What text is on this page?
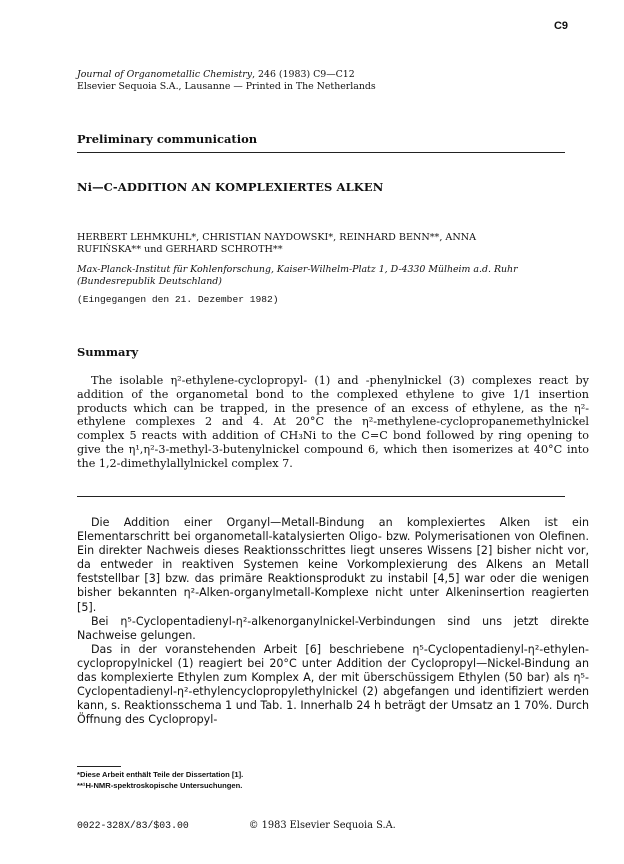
C9
Journal of Organometallic Chemistry, 246 (1983) C9—C12
Elsevier Sequoia S.A., Lausanne — Printed in The Netherlands
Preliminary communication
Ni—C-ADDITION AN KOMPLEXIERTES ALKEN
HERBERT LEHMKUHL*, CHRISTIAN NAYDOWSKI*, REINHARD BENN**, ANNA
RUFIŃSKA** und GERHARD SCHROTH**
Max-Planck-Institut für Kohlenforschung, Kaiser-Wilhelm-Platz 1, D-4330 Mülheim a.d. Ruhr
(Bundesrepublik Deutschland)
(Eingegangen den 21. Dezember 1982)
Summary
The isolable η²-ethylene-cyclopropyl- (1) and -phenylnickel (3) complexes react by addition of the organometal bond to the complexed ethylene to give 1/1 insertion products which can be trapped, in the presence of an excess of ethylene, as the η²-ethylene complexes 2 and 4. At 20°C the η²-methylene-cyclopropanemethylnickel complex 5 reacts with addition of CH₃Ni to the C=C bond followed by ring opening to give the η¹,η²-3-methyl-3-butenylnickel compound 6, which then isomerizes at 40°C into the 1,2-dimethylallylnickel complex 7.
Die Addition einer Organyl—Metall-Bindung an komplexiertes Alken ist ein Elementarschritt bei organometall-katalysierten Oligo- bzw. Polymerisationen von Olefinen. Ein direkter Nachweis dieses Reaktionsschrittes liegt unseres Wissens [2] bisher nicht vor, da entweder in reaktiven Systemen keine Vorkomplexierung des Alkens an Metall feststellbar [3] bzw. das primäre Reaktionsprodukt zu instabil [4,5] war oder die wenigen bisher bekannten η²-Alken-organylmetall-Komplexe nicht unter Alkeninsertion reagierten [5].
Bei η⁵-Cyclopentadienyl-η²-alkenorganylnickel-Verbindungen sind uns jetzt direkte Nachweise gelungen.
Das in der voranstehenden Arbeit [6] beschriebene η⁵-Cyclopentadienyl-η²-ethylen-cyclopropylnickel (1) reagiert bei 20°C unter Addition der Cyclopropyl—Nickel-Bindung an das komplexierte Ethylen zum Komplex A, der mit überschüssigem Ethylen (50 bar) als η⁵-Cyclopentadienyl-η²-ethylencyclopropylethylnickel (2) abgefangen und identifiziert werden kann, s. Reaktionsschema 1 und Tab. 1. Innerhalb 24 h beträgt der Umsatz an 1 70%. Durch Öffnung des Cyclopropyl-
*Diese Arbeit enthält Teile der Dissertation [1].
**¹H-NMR-spektroskopische Untersuchungen.
0022-328X/83/$03.00	© 1983 Elsevier Sequoia S.A.
